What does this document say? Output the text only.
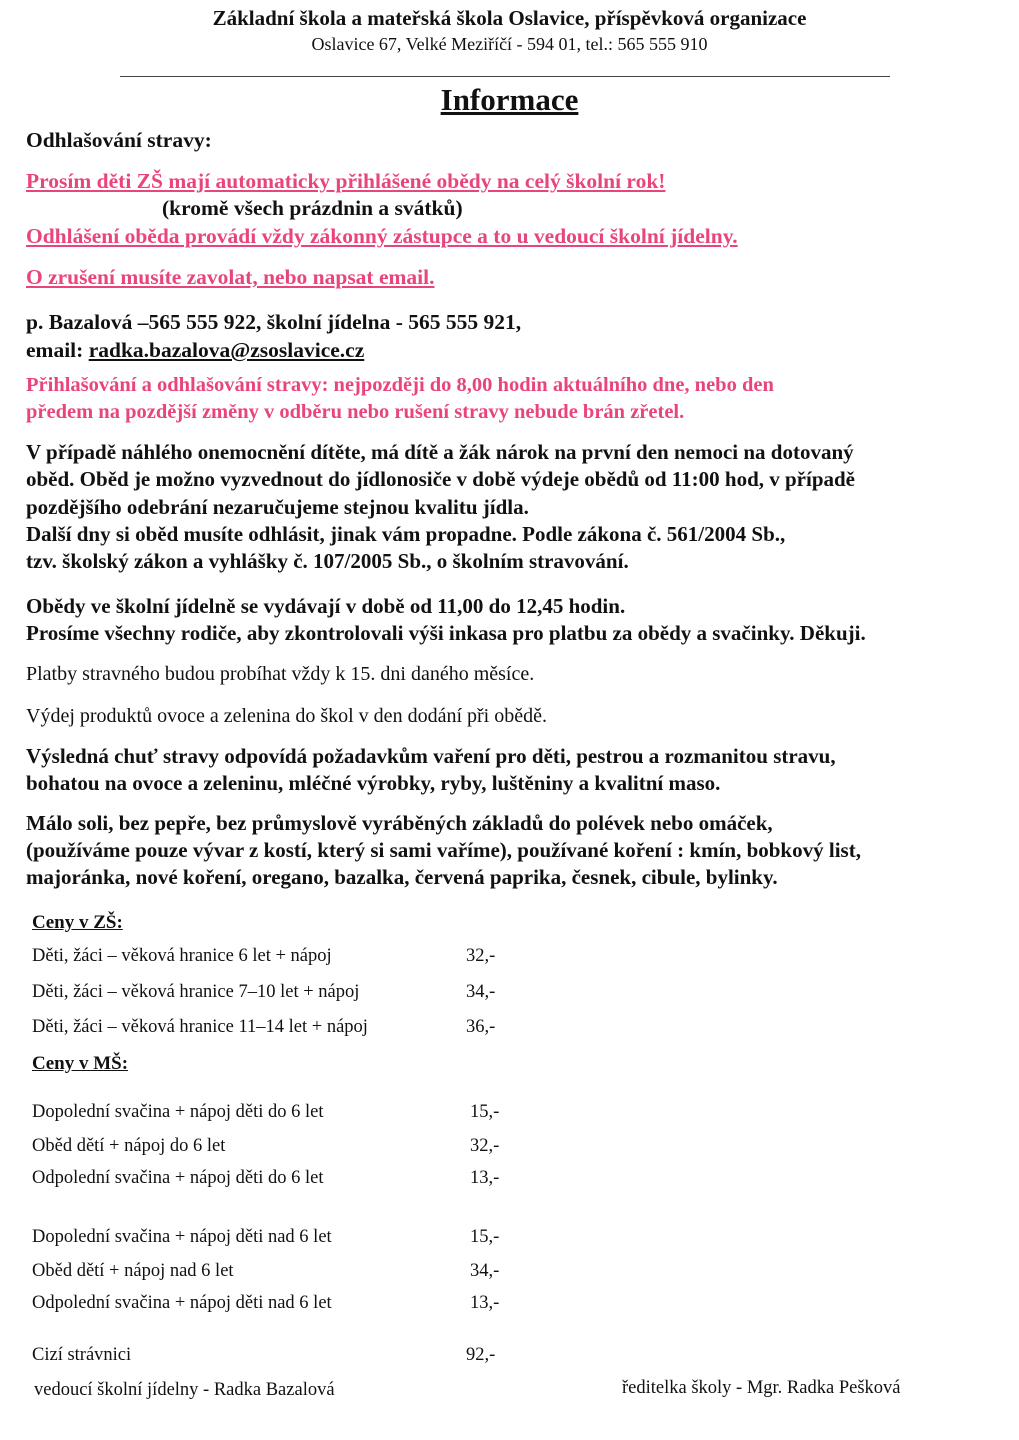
Základní škola a mateřská škola Oslavice, příspěvková organizace
Oslavice 67, Velké Meziříčí - 594 01, tel.: 565 555 910
Informace
Odhlašování stravy:
Prosím děti ZŠ mají automaticky přihlášené obědy na celý školní rok!
(kromě všech prázdnin a svátků)
Odhlášení oběda provádí vždy zákonný zástupce a to u vedoucí školní jídelny.
O zrušení musíte zavolat, nebo napsat email.
p. Bazalová –565 555 922, školní jídelna - 565 555 921,
email: radka.bazalova@zsoslavice.cz
Přihlašování a odhlašování stravy: nejpozději do 8,00 hodin aktuálního dne, nebo den
předem na pozdější změny v odběru nebo rušení stravy nebude brán zřetel.
V případě náhlého onemocnění dítěte, má dítě a žák nárok na první den nemoci na dotovaný
oběd. Oběd je možno vyzvednout do jídlonosiče v době výdeje obědů od 11:00 hod, v případě
pozdějšího odebrání nezaručujeme stejnou kvalitu jídla.
Další dny si oběd musíte odhlásit, jinak vám propadne. Podle zákona č. 561/2004 Sb.,
tzv. školský zákon a vyhlášky č. 107/2005 Sb., o školním stravování.
Obědy ve školní jídelně se vydávají v době od 11,00 do 12,45 hodin.
Prosíme všechny rodiče, aby zkontrolovali výši inkasa pro platbu za obědy a svačinky. Děkuji.
Platby stravného budou probíhat vždy k 15. dni daného měsíce.
Výdej produktů ovoce a zelenina do škol v den dodání při obědě.
Výsledná chuť stravy odpovídá požadavkům vaření pro děti, pestrou a rozmanitou stravu,
bohatou na ovoce a zeleninu, mléčné výrobky, ryby, luštěniny a kvalitní maso.
Málo soli, bez pepře, bez průmyslově vyráběných základů do polévek nebo omáček,
(používáme pouze vývar z kostí, který si sami vaříme), používané koření : kmín, bobkový list,
majoránka, nové koření, oregano, bazalka, červená paprika, česnek, cibule, bylinky.
Ceny v ZŠ:
Děti, žáci – věková hranice 6 let + nápoj	32,-
Děti, žáci – věková hranice 7–10 let + nápoj	34,-
Děti, žáci – věková hranice 11–14 let + nápoj	36,-
Ceny v MŠ:
Dopolední svačina + nápoj děti do 6 let	15,-
Oběd dětí + nápoj do 6 let	32,-
Odpolední svačina + nápoj děti do 6 let	13,-
Dopolední svačina + nápoj děti nad 6 let	15,-
Oběd dětí + nápoj nad 6 let	34,-
Odpolední svačina + nápoj děti nad 6 let	13,-
Cizí strávnici	92,-
vedoucí školní jídelny - Radka Bazalová	ředitelka školy - Mgr. Radka Pešková
